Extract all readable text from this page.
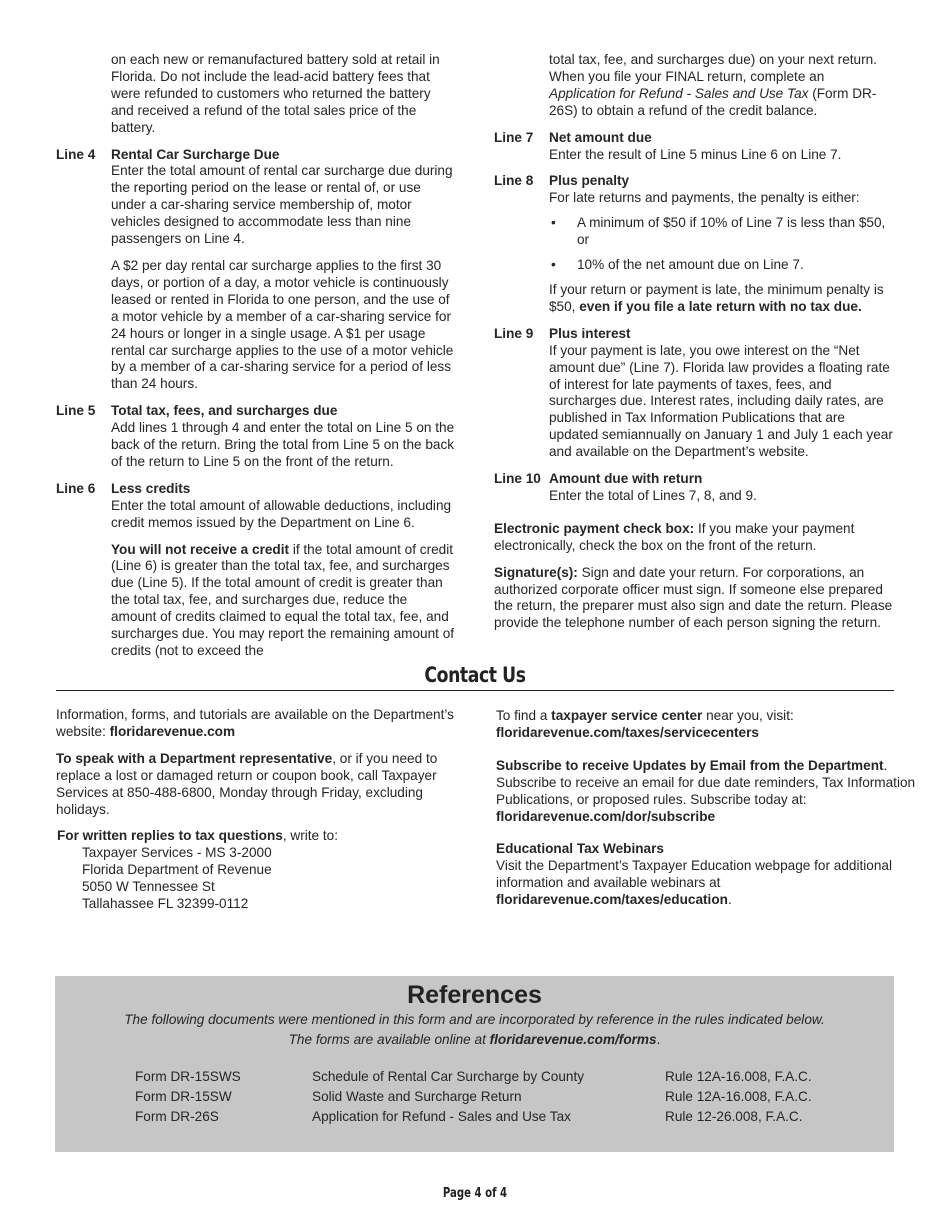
on each new or remanufactured battery sold at retail in Florida. Do not include the lead-acid battery fees that were refunded to customers who returned the battery and received a refund of the total sales price of the battery.

Line 4	Rental Car Surcharge Due

Enter the total amount of rental car surcharge due during the reporting period on the lease or rental of, or use under a car-sharing service membership of, motor vehicles designed to accommodate less than nine passengers on Line 4.

A $2 per day rental car surcharge applies to the first 30 days, or portion of a day, a motor vehicle is continuously leased or rented in Florida to one person, and the use of a motor vehicle by a member of a car-sharing service for 24 hours or longer in a single usage. A $1 per usage rental car surcharge applies to the use of a motor vehicle by a member of a car-sharing service for a period of less than 24 hours.

Line 5	Total tax, fees, and surcharges due

Add lines 1 through 4 and enter the total on Line 5 on the back of the return. Bring the total from Line 5 on the back of the return to Line 5 on the front of the return.

Line 6	Less credits

Enter the total amount of allowable deductions, including credit memos issued by the Department on Line 6.

You will not receive a credit if the total amount of credit (Line 6) is greater than the total tax, fee, and surcharges due (Line 5). If the total amount of credit is greater than the total tax, fee, and surcharges due, reduce the amount of credits claimed to equal the total tax, fee, and surcharges due. You may report the remaining amount of credits (not to exceed the

total tax, fee, and surcharges due) on your next return. When you file your FINAL return, complete an Application for Refund - Sales and Use Tax (Form DR-26S) to obtain a refund of the credit balance.

Line 7	Net amount due

Enter the result of Line 5 minus Line 6 on Line 7.

Line 8	Plus penalty

For late returns and payments, the penalty is either:

• A minimum of $50 if 10% of Line 7 is less than $50, or
• 10% of the net amount due on Line 7.

If your return or payment is late, the minimum penalty is $50, even if you file a late return with no tax due.

Line 9	Plus interest

If your payment is late, you owe interest on the “Net amount due” (Line 7). Florida law provides a floating rate of interest for late payments of taxes, fees, and surcharges due. Interest rates, including daily rates, are published in Tax Information Publications that are updated semiannually on January 1 and July 1 each year and available on the Department’s website.

Line 10 Amount due with return

Enter the total of Lines 7, 8, and 9.

Electronic payment check box: If you make your payment electronically, check the box on the front of the return.

Signature(s): Sign and date your return. For corporations, an authorized corporate officer must sign. If someone else prepared the return, the preparer must also sign and date the return. Please provide the telephone number of each person signing the return.

Contact Us

Information, forms, and tutorials are available on the Department’s website: floridarevenue.com

To speak with a Department representative, or if you need to replace a lost or damaged return or coupon book, call Taxpayer Services at 850-488-6800, Monday through Friday, excluding holidays.

For written replies to tax questions, write to:

Taxpayer Services - MS 3-2000
Florida Department of Revenue
5050 W Tennessee St
Tallahassee FL 32399-0112

To find a taxpayer service center near you, visit:
floridarevenue.com/taxes/servicecenters

Subscribe to receive Updates by Email from the Department.
Subscribe to receive an email for due date reminders, Tax Information Publications, or proposed rules. Subscribe today at:
floridarevenue.com/dor/subscribe

Educational Tax Webinars
Visit the Department’s Taxpayer Education webpage for additional information and available webinars at
floridarevenue.com/taxes/education.

References
The following documents were mentioned in this form and are incorporated by reference in the rules indicated below.
The forms are available online at floridarevenue.com/forms.
Form DR-15SWS	Schedule of Rental Car Surcharge by County	Rule 12A-16.008, F.A.C.
Form DR-15SW	Solid Waste and Surcharge Return	Rule 12A-16.008, F.A.C.
Form DR-26S	Application for Refund - Sales and Use Tax	Rule 12-26.008, F.A.C.
Page 4 of 4
